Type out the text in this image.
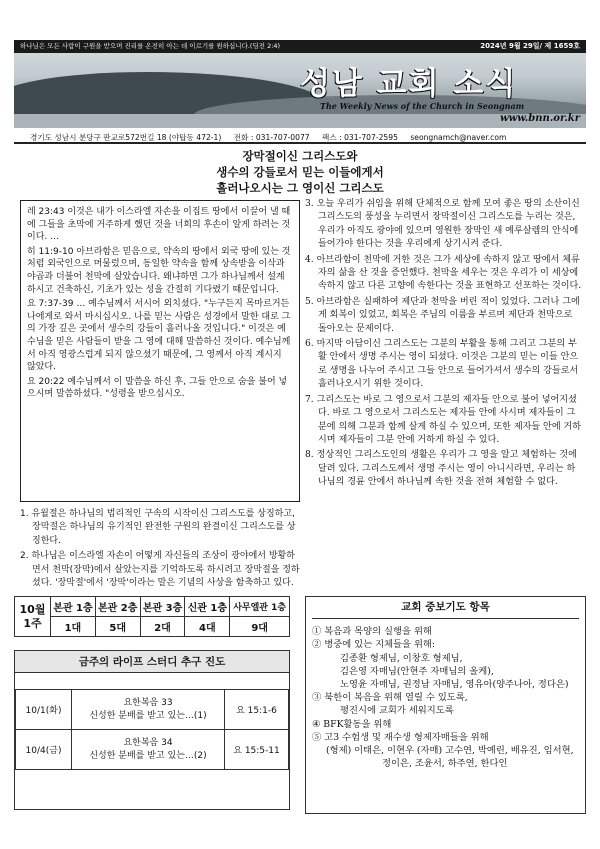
하나님은 모든 사람이 구원을 받으며 진리를 온전히 아는 데 이르기를 원하십니다.(딤전 2:4)	2024년 9월 29일/ 제 1659호
성남 교회 소식
The Weekly News of the Church in Seongnam
www.bnn.or.kr
경기도 성남시 분당구 판교로572번길 18 (야탑동 472-1) 전화 : 031-707-0077 팩스 : 031-707-2595 seongnamch@naver.com
장막절이신 그리스도와
생수의 강들로서 믿는 이들에게서
흘러나오시는 그 영이신 그리스도

레 23:43 이것은 내가 이스라엘 자손을 이집트 땅에서 이끌어 낼 때에 그들을 초막에 거주하게 했던 것을 너희의 후손이 알게 하려는 것이다. …

히 11:9-10 아브라함은 믿음으로, 약속의 땅에서 외국 땅에 있는 것처럼 외국인으로 머물렀으며, 동일한 약속을 함께 상속받을 이삭과 야곱과 더불어 천막에 살았습니다. 왜냐하면 그가 하나님께서 설계하시고 건축하신, 기초가 있는 성을 간절히 기다렸기 때문입니다.

요 7:37-39 … 예수님께서 서시어 외치셨다. "누구든지 목마르거든 나에게로 와서 마시십시오. 나를 믿는 사람은 성경에서 말한 대로 그의 가장 깊은 곳에서 생수의 강들이 흘러나올 것입니다." 이것은 예수님을 믿은 사람들이 받을 그 영에 대해 말씀하신 것이다. 예수님께서 아직 영광스럽게 되지 않으셨기 때문에, 그 영께서 아직 계시지 않았다.

요 20:22 예수님께서 이 말씀을 하신 후, 그들 안으로 숨을 불어 넣으시며 말씀하셨다. "성령을 받으십시오.

1. 유월절은 하나님의 법리적인 구속의 시작이신 그리스도를 상징하고, 장막절은 하나님의 유기적인 완전한 구원의 완결이신 그리스도를 상징한다.
2. 하나님은 이스라엘 자손이 어떻게 자신들의 조상이 광야에서 방황하면서 천막(장막)에서 살았는지를 기억하도록 하시려고 장막절을 정하셨다. '장막절'에서 '장막'이라는 말은 기념의 사상을 함축하고 있다.
3. 오늘 우리가 쉬임을 위해 단체적으로 함께 모여 좋은 땅의 소산이신 그리스도의 풍성을 누리면서 장막절이신 그리스도를 누리는 것은, 우리가 아직도 광야에 있으며 영원한 장막인 새 예루살렘의 안식에 들어가야 한다는 것을 우리에게 상기시켜 준다.
4. 아브라함이 천막에 거한 것은 그가 세상에 속하지 않고 땅에서 체류자의 삶을 산 것을 증언했다. 천막을 세우는 것은 우리가 이 세상에 속하지 않고 다른 고향에 속한다는 것을 표현하고 선포하는 것이다.
5. 아브라함은 실패하여 제단과 천막을 버린 적이 있었다. 그러나 그에게 회복이 있었고, 회복은 주님의 이름을 부르며 제단과 천막으로 돌아오는 문제이다.
6. 마지막 아담이신 그리스도는 그분의 부활을 통해 그리고 그분의 부활 안에서 생명 주시는 영이 되셨다. 이것은 그분의 믿는 이들 안으로 생명을 나누어 주시고 그들 안으로 들어가셔서 생수의 강들로서 흘러나오시기 위한 것이다.
7. 그리스도는 바로 그 영으로서 그분의 제자들 안으로 불어 넣어지셨다. 바로 그 영으로서 그리스도는 제자들 안에 사시며 제자들이 그분에 의해 그분과 함께 살게 하실 수 있으며, 또한 제자들 안에 거하시며 제자들이 그분 안에 거하게 하실 수 있다.
8. 정상적인 그리스도인의 생활은 우리가 그 영을 알고 체험하는 것에 달려 있다. 그리스도께서 생명 주시는 영이 아니시라면, 우리는 하나님의 경륜 안에서 하나님께 속한 것을 전혀 체험할 수 없다.
10월
1주	본관 1층	본관 2층	본관 3층	신관 1층	사무엘관 1층
	1대	5대	2대	4대	9대
금주의 라이프 스터디 추구 진도
10/1(화)	요한복음 33
신성한 분배를 받고 있는…(1)	요 15:1-6
10/4(금)	요한복음 34
신성한 분배를 받고 있는…(2)	요 15:5-11
교회 중보기도 항목
① 복음과 목양의 실행을 위해
② 병중에 있는 지체들을 위해:
김종환 형제님, 이창호 형제님,
김은영 자매님(안현주 자매님의 올케),
노영윤 자매님, 권정남 자매님, 영유아(양주나아, 정다은)
③ 북한이 복음을 위해 열릴 수 있도록,
평진시에 교회가 세워지도록
④ BFK활동을 위해
⑤ 고3 수험생 및 재수생 형제자매들을 위해
(형제) 이태은, 이현우 (자매) 고수연, 박예린, 배유진, 임서현,
정이은, 조윤서, 하주연, 한다인
